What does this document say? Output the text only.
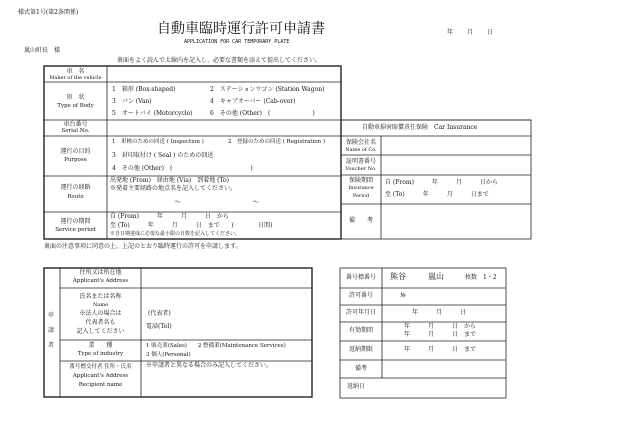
様式第1号(第2条関係)
自動車臨時運行許可申請書
APPLICATION FOR CAR TEMPORARY PLATE
年 月 日
嵐山町長　様
裏面をよく読んで太線内を記入し、必要な書類を添えて提出してください。
車　名
Maker of the vehicle
形　状
Type of Body
1　箱形 (Box-shaped)	2　ステーションワゴン (Station Wagon)
3　バン (Van)	4　キャブオーバー (Cab-over)
5　オートバイ (Motorcycle)	6　その他 (Other)　(　　　　　　　)
車台番号
Serial No.	自動車損害賠償責任保険　Car Insurance
運行の目的
Purpose
1　車検のための回送 ( Inspection )	2　登録のための回送 ( Registration )
3　封印取付け ( Seal ) のための回送
4　その他 (Other)　(　　　　　　　　　　　　　)
運行の経路
Route
出発地 (From)　経由地 (Via)　到着地 (To)
※発着主要経路の地点名を記入してください。
〜	〜
運行の期間
Service period
自 (From)　　　年　　　月　　　日　から
至 (To)　　　年　　　月　　　日　まで　　(　　　　日間)
※自日期達成に必要な最小限の日数を記入してください。
保険会社名
Name of Co.
証明書番号
Voucher No.
保険期間
Insurance
Period
自 (From)　　　年　　　月　　　日から
至 (To)　　　年　　　月　　　日まで
備　　考
裏面の注意事項に同意の上、上記のとおり臨時運行の許可を申請します。
申
請
者
住所又は所在地
Applicant's Address
氏名または名称
Name
※法人の場合は
代表者名も
記入してください
(代表者)
電話(Tel)
業　　種
Type of industry
1 販売業(Sales)　　2 整備業(Maintenance Services)
3 個人(Personal)
番号標交付者 住所・氏名
Applicant's Address
Recipient name
※申請者と異なる場合のみ記入してください。
番号標番号	熊谷	嵐山	枚数　1・2
許可番号	№
許可年月日	年　　　月　　　日
有効期間
年　　　月　　　日　から
年　　　月　　　日　まで
返納期限	年　　　月　　　日　まで
備考
返納日
